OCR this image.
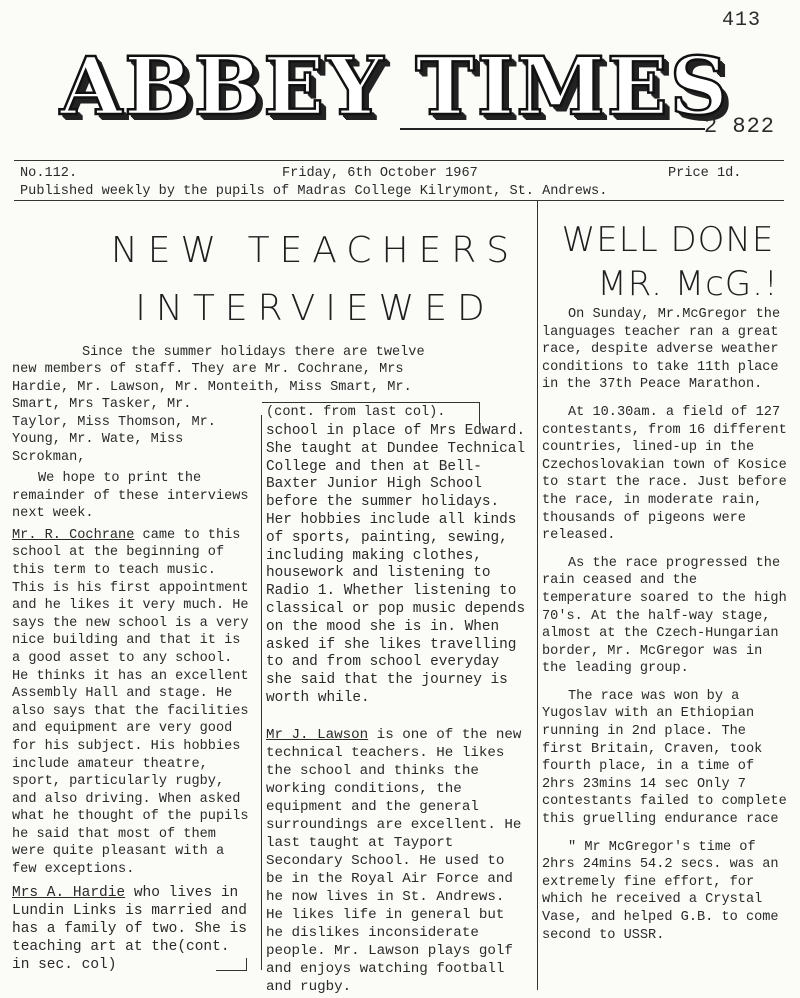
413
ABBEY TIMES
2 822
No.112.	Friday, 6th October 1967	Price 1d.
Published weekly by the pupils of Madras College Kilrymont, St. Andrews.
NEW TEACHERS
INTERVIEWED
Since the summer holidays there are twelve
new members of staff. They are Mr. Cochrane, Mrs
Hardie, Mr. Lawson, Mr. Monteith, Miss Smart, Mr.
Smart, Mrs Tasker, Mr.
Taylor, Miss Thomson, Mr.
Young, Mr. Wate, Miss
Scrokman,

We hope to print the remainder of these interviews next week.

Mr. R. Cochrane came to this school at the beginning of this term to teach music. This is his first appointment and he likes it very much. He says the new school is a very nice building and that it is a good asset to any school. He thinks it has an excellent Assembly Hall and stage. He also says that the facilities and equipment are very good for his subject. His hobbies include amateur theatre, sport, particularly rugby, and also driving. When asked what he thought of the pupils he said that most of them were quite pleasant with a few exceptions.

Mrs A. Hardie who lives in Lundin Links is married and has a family of two. She is teaching art at the(cont. in sec. col)
(cont. from last col).
school in place of Mrs Edward. She taught at Dundee Technical College and then at Bell-Baxter Junior High School before the summer holidays. Her hobbies include all kinds of sports, painting, sewing, including making clothes, housework and listening to Radio 1. Whether listening to classical or pop music depends on the mood she is in. When asked if she likes travelling to and from school everyday she said that the journey is worth while.
Mr J. Lawson is one of the new technical teachers. He likes the school and thinks the working conditions, the equipment and the general surroundings are excellent. He last taught at Tayport Secondary School. He used to be in the Royal Air Force and he now lives in St. Andrews. He likes life in general but he dislikes inconsiderate people. Mr. Lawson plays golf and enjoys watching football and rugby.
WELL DONE
MR. McG.!

On Sunday, Mr.McGregor the languages teacher ran a great race, despite adverse weather conditions to take 11th place in the 37th Peace Marathon.

At 10.30am. a field of 127 contestants, from 16 different countries, lined-up in the Czechoslovakian town of Kosice to start the race. Just before the race, in moderate rain, thousands of pigeons were released.

As the race progressed the rain ceased and the temperature soared to the high 70's. At the half-way stage, almost at the Czech-Hungarian border, Mr. McGregor was in the leading group.

The race was won by a Yugoslav with an Ethiopian running in 2nd place. The first Britain, Craven, took fourth place, in a time of 2hrs 23mins 14 sec Only 7 contestants failed to complete this gruelling endurance race

" Mr McGregor's time of 2hrs 24mins 54.2 secs. was an extremely fine effort, for which he received a Crystal Vase, and helped G.B. to come second to USSR.
